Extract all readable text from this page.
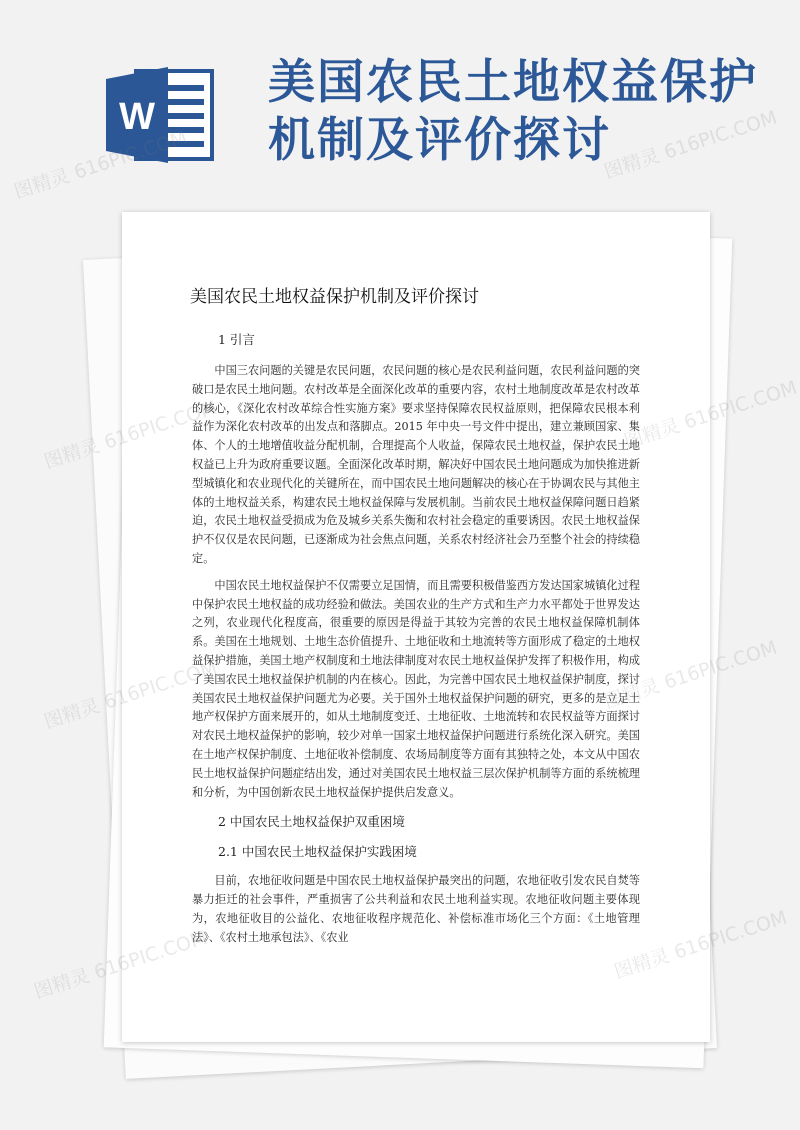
W
美国农民土地权益保护
机制及评价探讨
美国农民土地权益保护机制及评价探讨
1 引言

中国三农问题的关键是农民问题，农民问题的核心是农民利益问题，农民利益问题的突破口是农民土地问题。农村改革是全面深化改革的重要内容，农村土地制度改革是农村改革的核心，《深化农村改革综合性实施方案》要求坚持保障农民权益原则，把保障农民根本利益作为深化农村改革的出发点和落脚点。2015 年中央一号文件中提出，建立兼顾国家、集体、个人的土地增值收益分配机制，合理提高个人收益，保障农民土地权益，保护农民土地权益已上升为政府重要议题。全面深化改革时期，解决好中国农民土地问题成为加快推进新型城镇化和农业现代化的关键所在，而中国农民土地问题解决的核心在于协调农民与其他主体的土地权益关系，构建农民土地权益保障与发展机制。当前农民土地权益保障问题日趋紧迫，农民土地权益受损成为危及城乡关系失衡和农村社会稳定的重要诱因。农民土地权益保护不仅仅是农民问题，已逐渐成为社会焦点问题，关系农村经济社会乃至整个社会的持续稳定。

中国农民土地权益保护不仅需要立足国情，而且需要积极借鉴西方发达国家城镇化过程中保护农民土地权益的成功经验和做法。美国农业的生产方式和生产力水平都处于世界发达之列，农业现代化程度高，很重要的原因是得益于其较为完善的农民土地权益保障机制体系。美国在土地规划、土地生态价值提升、土地征收和土地流转等方面形成了稳定的土地权益保护措施，美国土地产权制度和土地法律制度对农民土地权益保护发挥了积极作用，构成了美国农民土地权益保护机制的内在核心。因此，为完善中国农民土地权益保护制度，探讨美国农民土地权益保护问题尤为必要。关于国外土地权益保护问题的研究，更多的是立足土地产权保护方面来展开的，如从土地制度变迁、土地征收、土地流转和农民权益等方面探讨对农民土地权益保护的影响，较少对单一国家土地权益保护问题进行系统化深入研究。美国在土地产权保护制度、土地征收补偿制度、农场局制度等方面有其独特之处，本文从中国农民土地权益保护问题症结出发，通过对美国农民土地权益三层次保护机制等方面的系统梳理和分析，为中国创新农民土地权益保护提供启发意义。

2 中国农民土地权益保护双重困境
2.1 中国农民土地权益保护实践困境

目前，农地征收问题是中国农民土地权益保护最突出的问题，农地征收引发农民自焚等暴力拒迁的社会事件，严重损害了公共利益和农民土地利益实现。农地征收问题主要体现为，农地征收目的公益化、农地征收程序规范化、补偿标准市场化三个方面：《土地管理法》、《农村土地承包法》、《农业

图精灵 616PIC.COM	图精灵 616PIC.COM
图精灵
616PIC.COM
图精灵
616PIC.COM
图精灵
616PIC.COM
